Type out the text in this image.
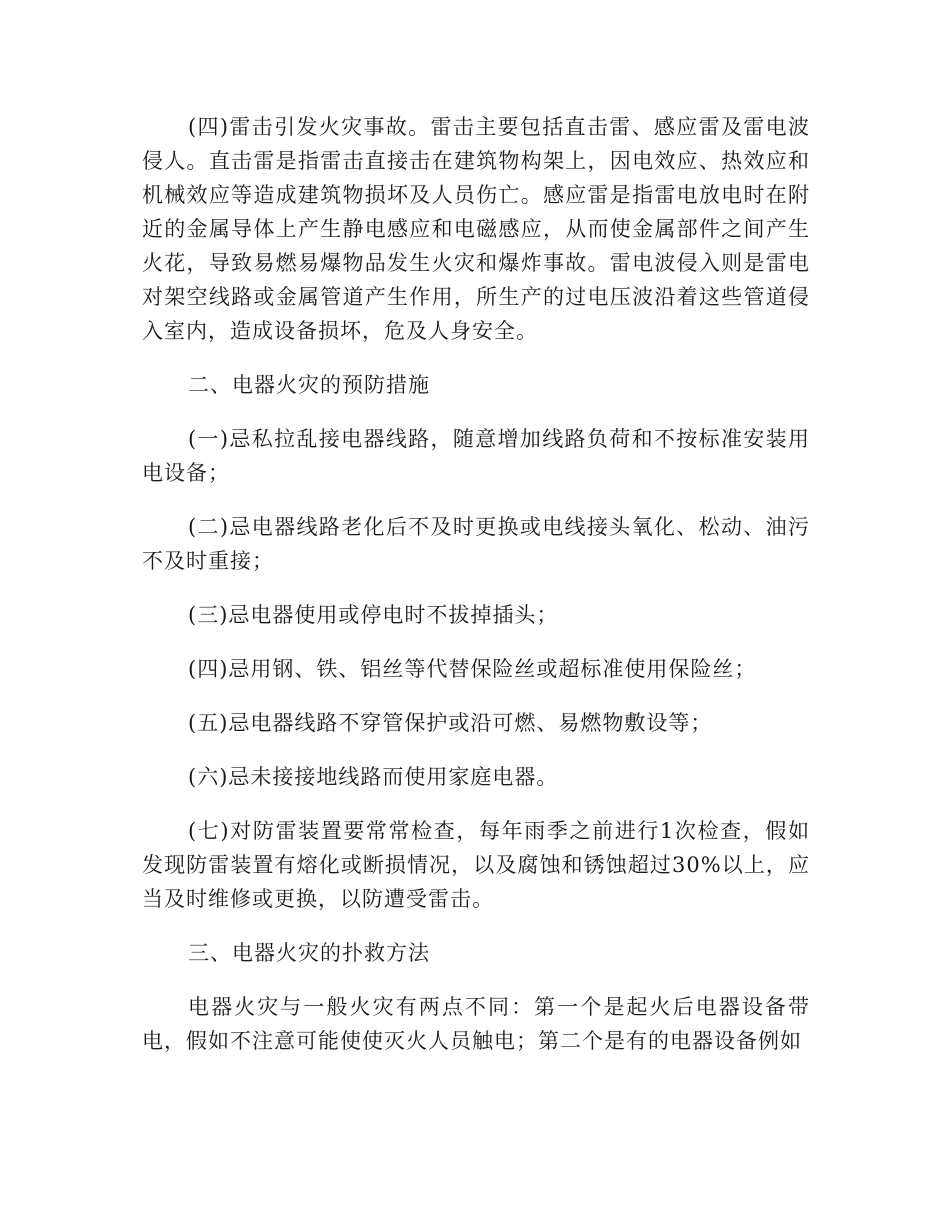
(四)雷击引发火灾事故。雷击主要包括直击雷、感应雷及雷电波侵人。直击雷是指雷击直接击在建筑物构架上，因电效应、热效应和机械效应等造成建筑物损坏及人员伤亡。感应雷是指雷电放电时在附近的金属导体上产生静电感应和电磁感应，从而使金属部件之间产生火花，导致易燃易爆物品发生火灾和爆炸事故。雷电波侵入则是雷电对架空线路或金属管道产生作用，所生产的过电压波沿着这些管道侵入室内，造成设备损坏，危及人身安全。

二、电器火灾的预防措施

(一)忌私拉乱接电器线路，随意增加线路负荷和不按标准安装用电设备；

(二)忌电器线路老化后不及时更换或电线接头氧化、松动、油污不及时重接；

(三)忌电器使用或停电时不拔掉插头；

(四)忌用钢、铁、铝丝等代替保险丝或超标准使用保险丝；

(五)忌电器线路不穿管保护或沿可燃、易燃物敷设等；

(六)忌未接接地线路而使用家庭电器。

(七)对防雷装置要常常检查，每年雨季之前进行1次检查，假如发现防雷装置有熔化或断损情况，以及腐蚀和锈蚀超过30%以上，应当及时维修或更换，以防遭受雷击。

三、电器火灾的扑救方法

电器火灾与一般火灾有两点不同：第一个是起火后电器设备带电，假如不注意可能使使灭火人员触电；第二个是有的电器设备例如
